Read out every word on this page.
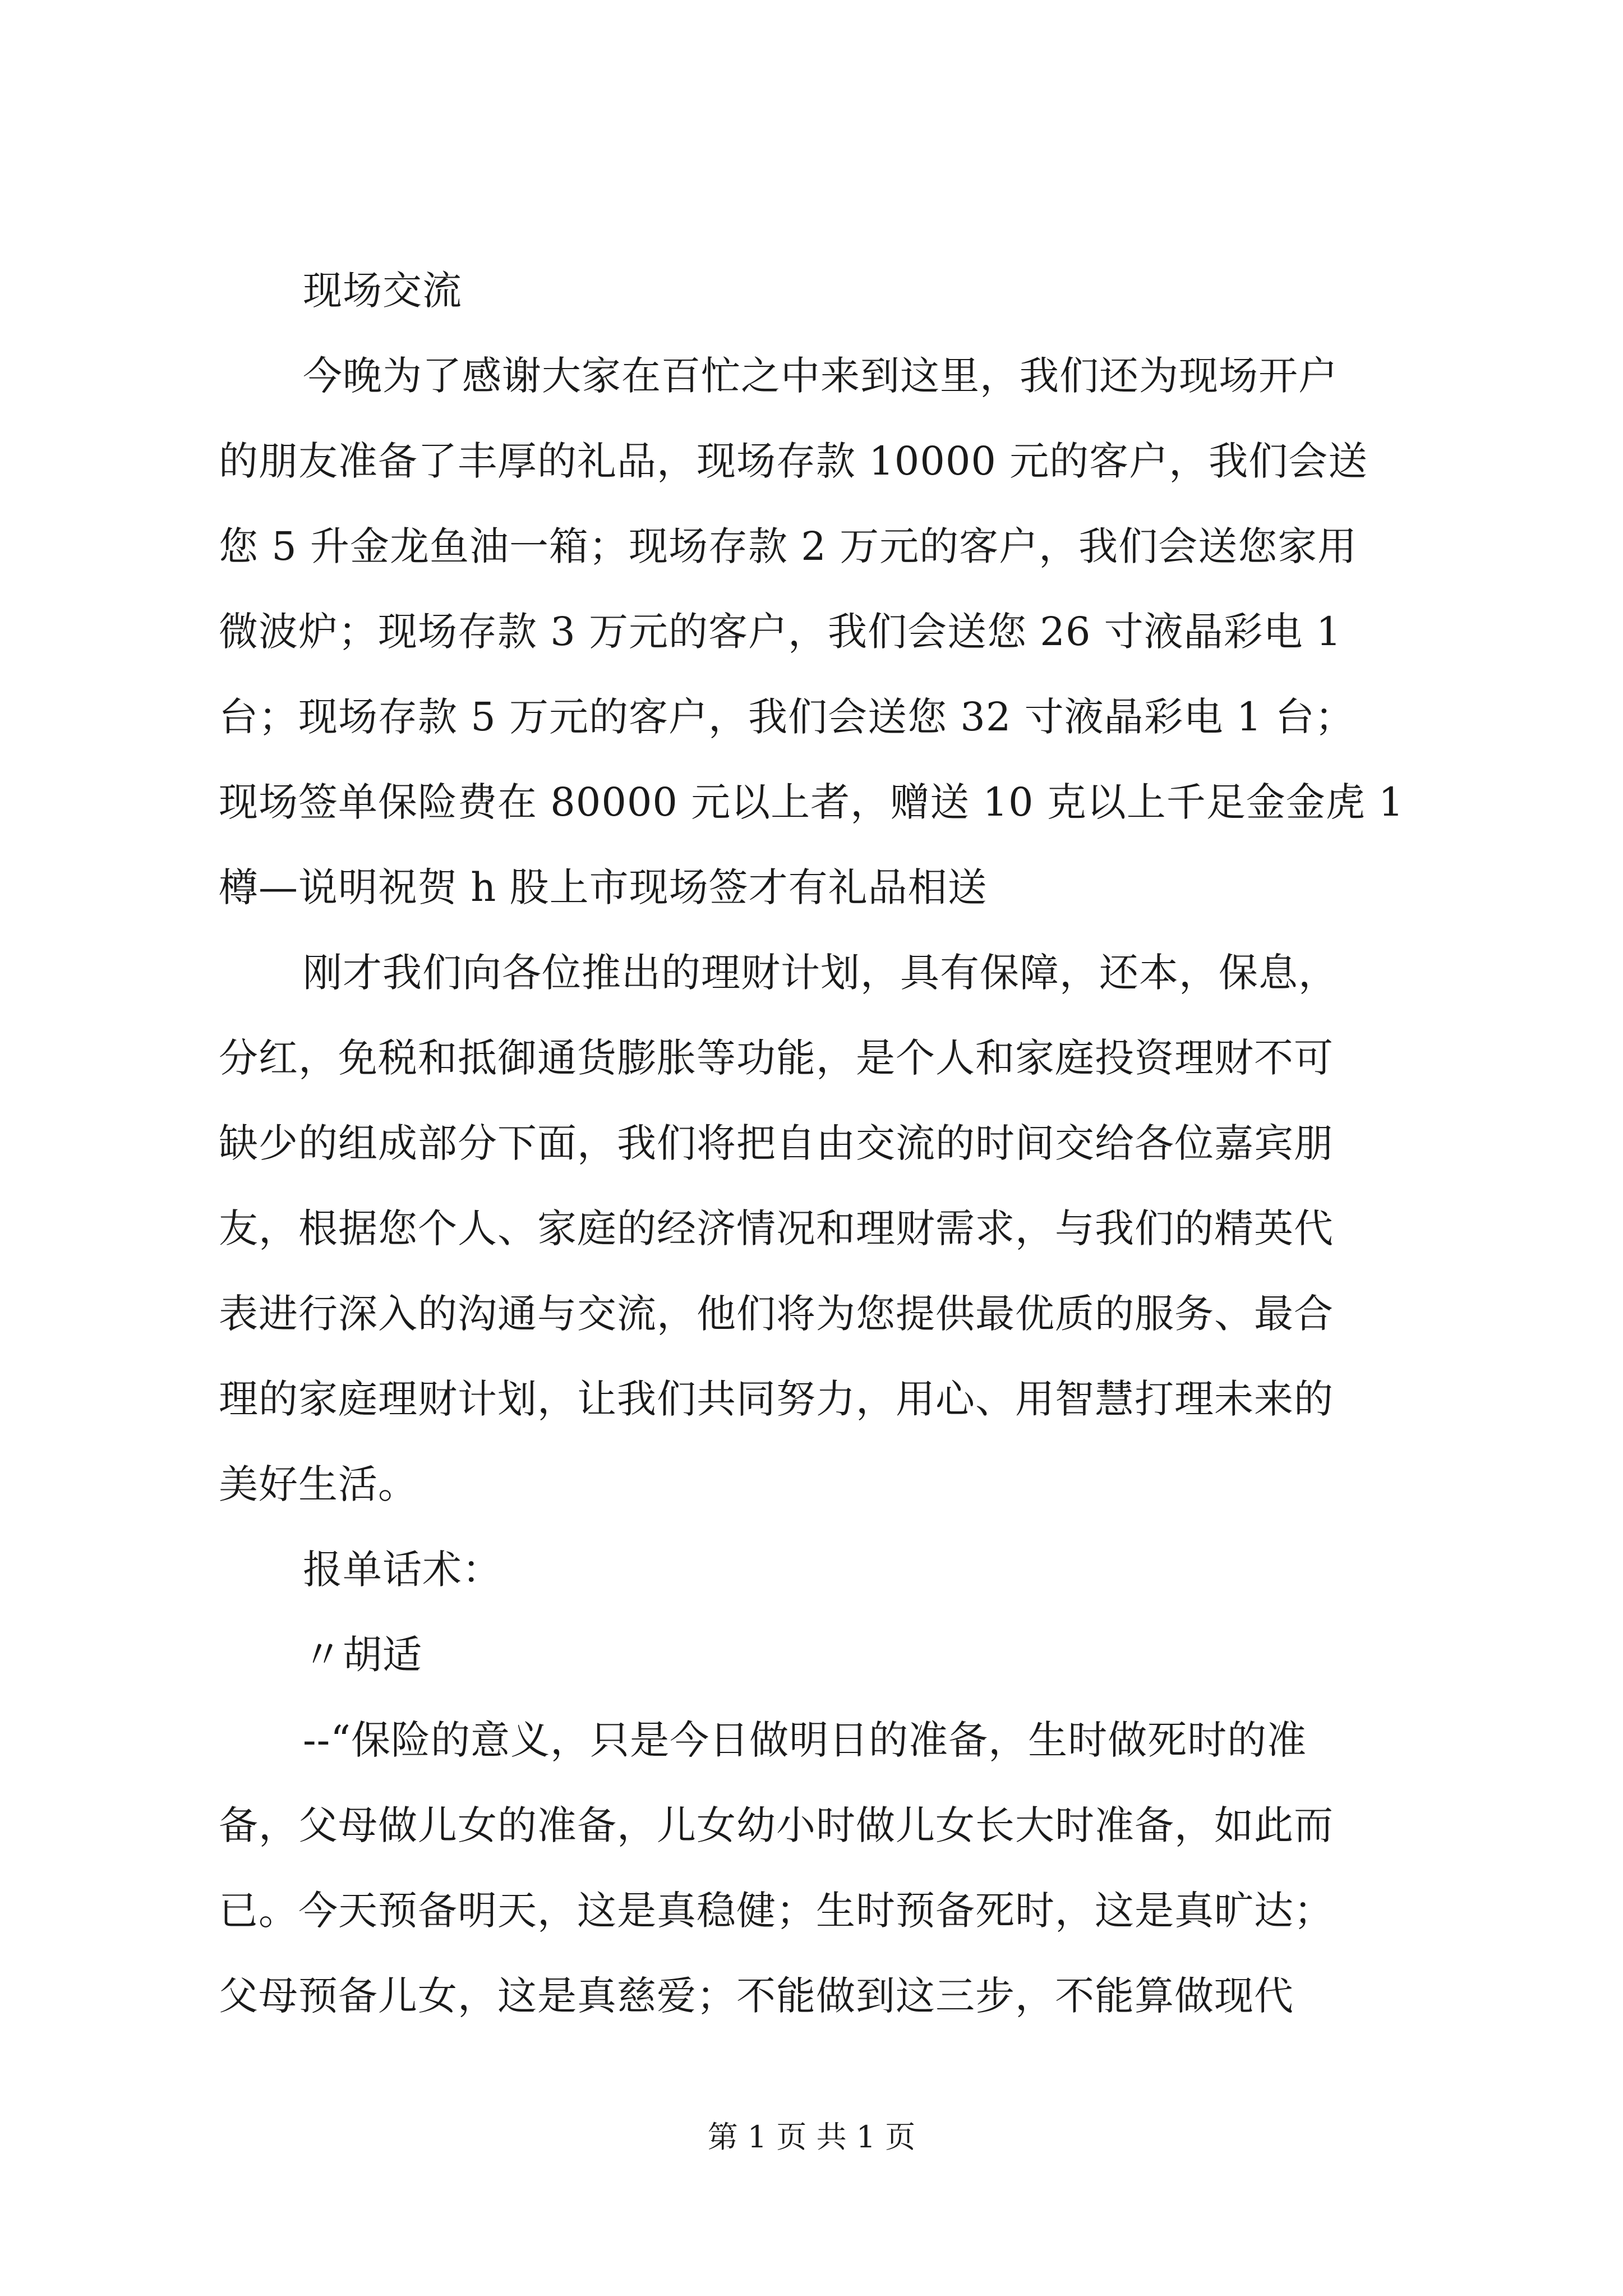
现场交流
今晚为了感谢大家在百忙之中来到这里，我们还为现场开户
的朋友准备了丰厚的礼品，现场存款 10000 元的客户，我们会送
您 5 升金龙鱼油一箱；现场存款 2 万元的客户，我们会送您家用
微波炉；现场存款 3 万元的客户，我们会送您 26 寸液晶彩电 1
台；现场存款 5 万元的客户，我们会送您 32 寸液晶彩电 1 台；
现场签单保险费在 80000 元以上者，赠送 10 克以上千足金金虎 1
樽—说明祝贺 h 股上市现场签才有礼品相送
刚才我们向各位推出的理财计划，具有保障，还本，保息，
分红，免税和抵御通货膨胀等功能，是个人和家庭投资理财不可
缺少的组成部分下面，我们将把自由交流的时间交给各位嘉宾朋
友，根据您个人、家庭的经济情况和理财需求，与我们的精英代
表进行深入的沟通与交流，他们将为您提供最优质的服务、最合
理的家庭理财计划，让我们共同努力，用心、用智慧打理未来的
美好生活。
报单话术：
〃胡适
--“保险的意义，只是今日做明日的准备，生时做死时的准
备，父母做儿女的准备，儿女幼小时做儿女长大时准备，如此而
已。今天预备明天，这是真稳健；生时预备死时，这是真旷达；
父母预备儿女，这是真慈爱；不能做到这三步，不能算做现代
第 1 页 共 1 页
